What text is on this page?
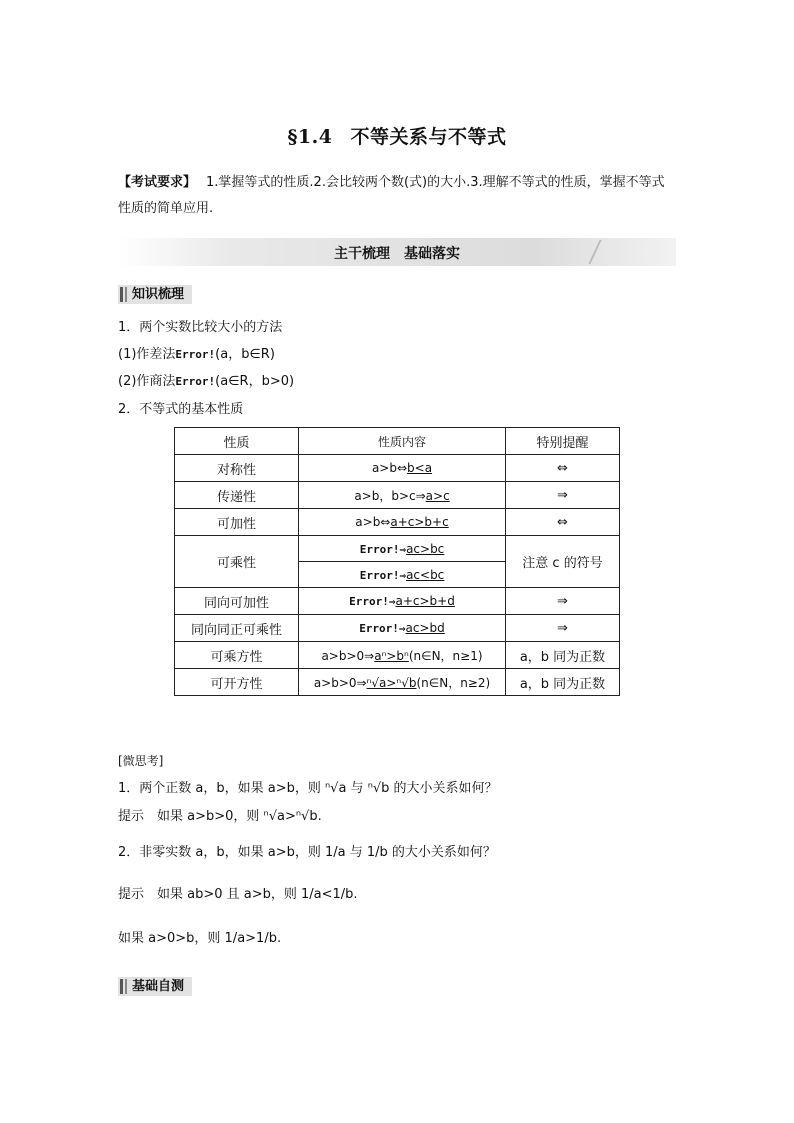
§1.4 不等关系与不等式
【考试要求】 1.掌握等式的性质.2.会比较两个数(式)的大小.3.理解不等式的性质，掌握不等式
性质的简单应用.
主干梳理　基础落实
知识梳理
1．两个实数比较大小的方法
(1)作差法Error!(a，b∈R)
(2)作商法Error!(a∈R，b>0)
2．不等式的基本性质
性质	性质内容	特别提醒
对称性	a>b⇔b<a	⇔
传递性	a>b，b>c⇒a>c	⇒
可加性	a>b⇔a+c>b+c	⇔
可乘性	Error!⇒ac>bc	注意 c 的符号
	Error!⇒ac<bc	
同向可加性	Error!⇒a+c>b+d	⇒
同向同正可乘性	Error!⇒ac>bd	⇒
可乘方性	a>b>0⇒aⁿ>bⁿ(n∈N，n≥1)	a，b 同为正数
可开方性	a>b>0⇒ⁿ√a>ⁿ√b(n∈N，n≥2)	a，b 同为正数
[微思考]
1．两个正数 a，b，如果 a>b，则 ⁿ√a 与 ⁿ√b 的大小关系如何？
提示　如果 a>b>0，则 ⁿ√a>ⁿ√b.
2．非零实数 a，b，如果 a>b，则 1/a 与 1/b 的大小关系如何？
提示　如果 ab>0 且 a>b，则 1/a<1/b.
如果 a>0>b，则 1/a>1/b.
基础自测
